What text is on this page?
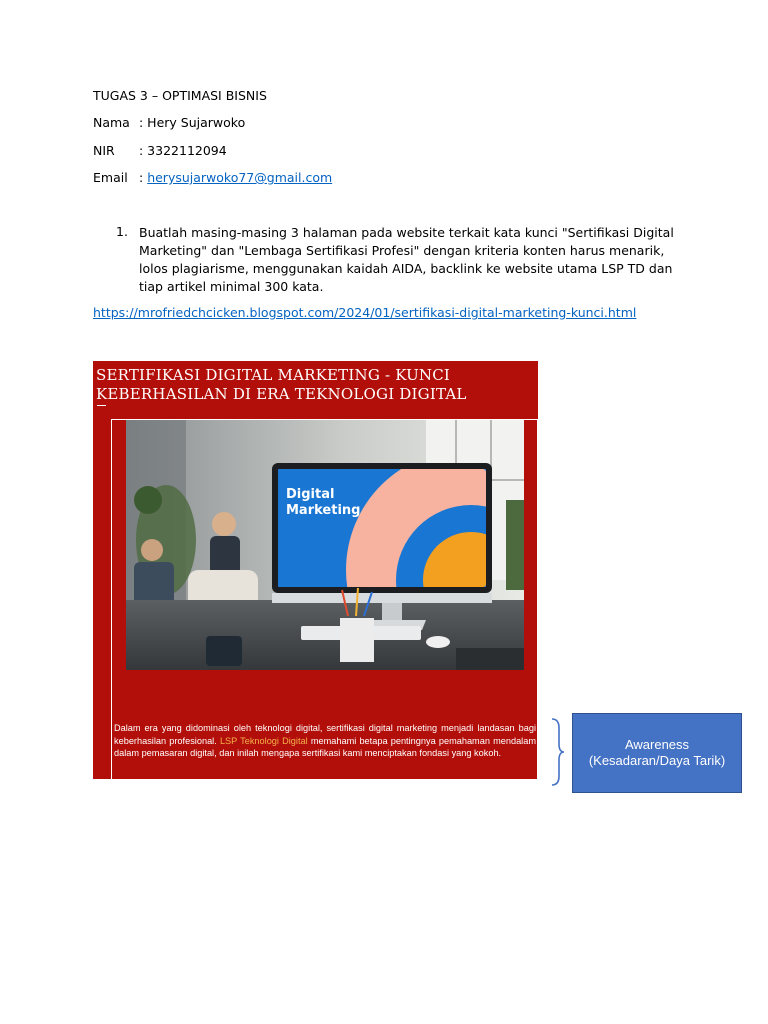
TUGAS 3 – OPTIMASI BISNIS
Nama : Hery Sujarwoko
NIR : 3322112094
Email : herysujarwoko77@gmail.com
1. Buatlah masing-masing 3 halaman pada website terkait kata kunci "Sertifikasi Digital Marketing" dan "Lembaga Sertifikasi Profesi" dengan kriteria konten harus menarik, lolos plagiarisme, menggunakan kaidah AIDA, backlink ke website utama LSP TD dan tiap artikel minimal 300 kata.
https://mrofriedchcicken.blogspot.com/2024/01/sertifikasi-digital-marketing-kunci.html
SERTIFIKASI DIGITAL MARKETING - KUNCI KEBERHASILAN DI ERA TEKNOLOGI DIGITAL
Digital
Marketing
Dalam era yang didominasi oleh teknologi digital, sertifikasi digital marketing menjadi landasan bagi keberhasilan profesional. LSP Teknologi Digital memahami betapa pentingnya pemahaman mendalam dalam pemasaran digital, dan inilah mengapa sertifikasi kami menciptakan fondasi yang kokoh.
Awareness
(Kesadaran/Daya Tarik)
